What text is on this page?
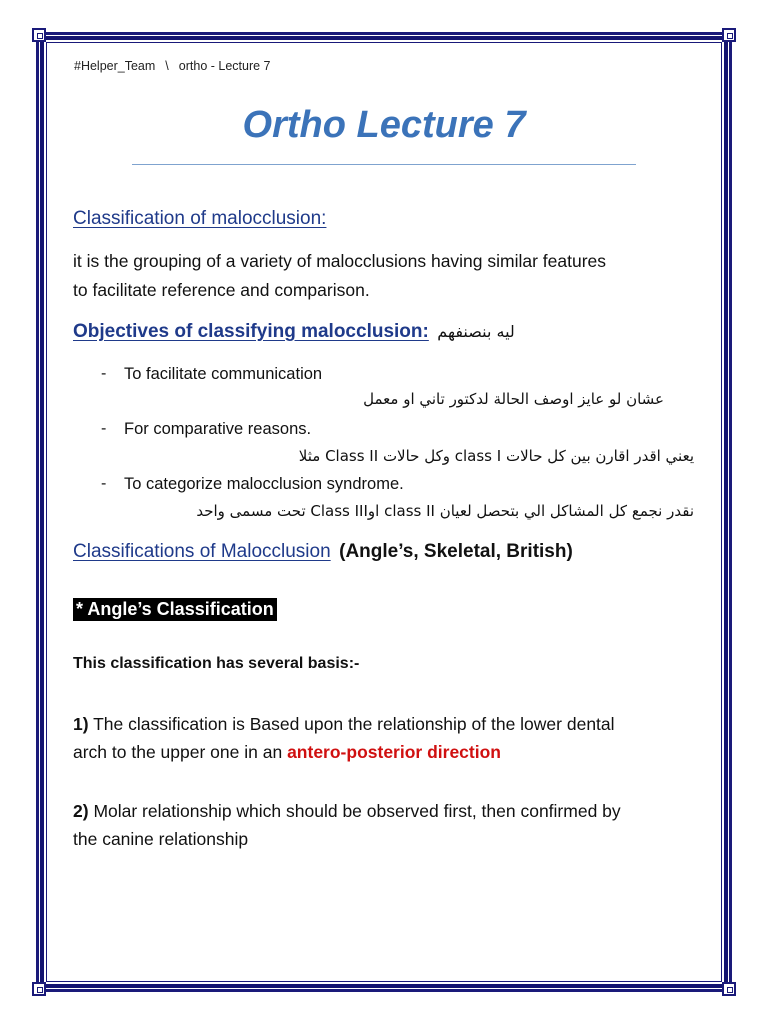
#Helper_Team \ ortho - Lecture 7
Ortho Lecture 7
Classification of malocclusion:
it is the grouping of a variety of malocclusions having similar features
to facilitate reference and comparison.
Objectives of classifying malocclusion: ليه بنصنفهم
- To facilitate communication
عشان لو عايز اوصف الحالة لدكتور تاني او معمل
- For comparative reasons.
يعني اقدر اقارن بين كل حالات class I وكل حالات Class II مثلا
- To categorize malocclusion syndrome.
نقدر نجمع كل المشاكل الي بتحصل لعيان class II اوClass III تحت مسمى واحد
Classifications of Malocclusion (Angle’s, Skeletal, British)
* Angle’s Classification
This classification has several basis:-
1) The classification is Based upon the relationship of the lower dental
arch to the upper one in an antero-posterior direction
2) Molar relationship which should be observed first, then confirmed by
the canine relationship
